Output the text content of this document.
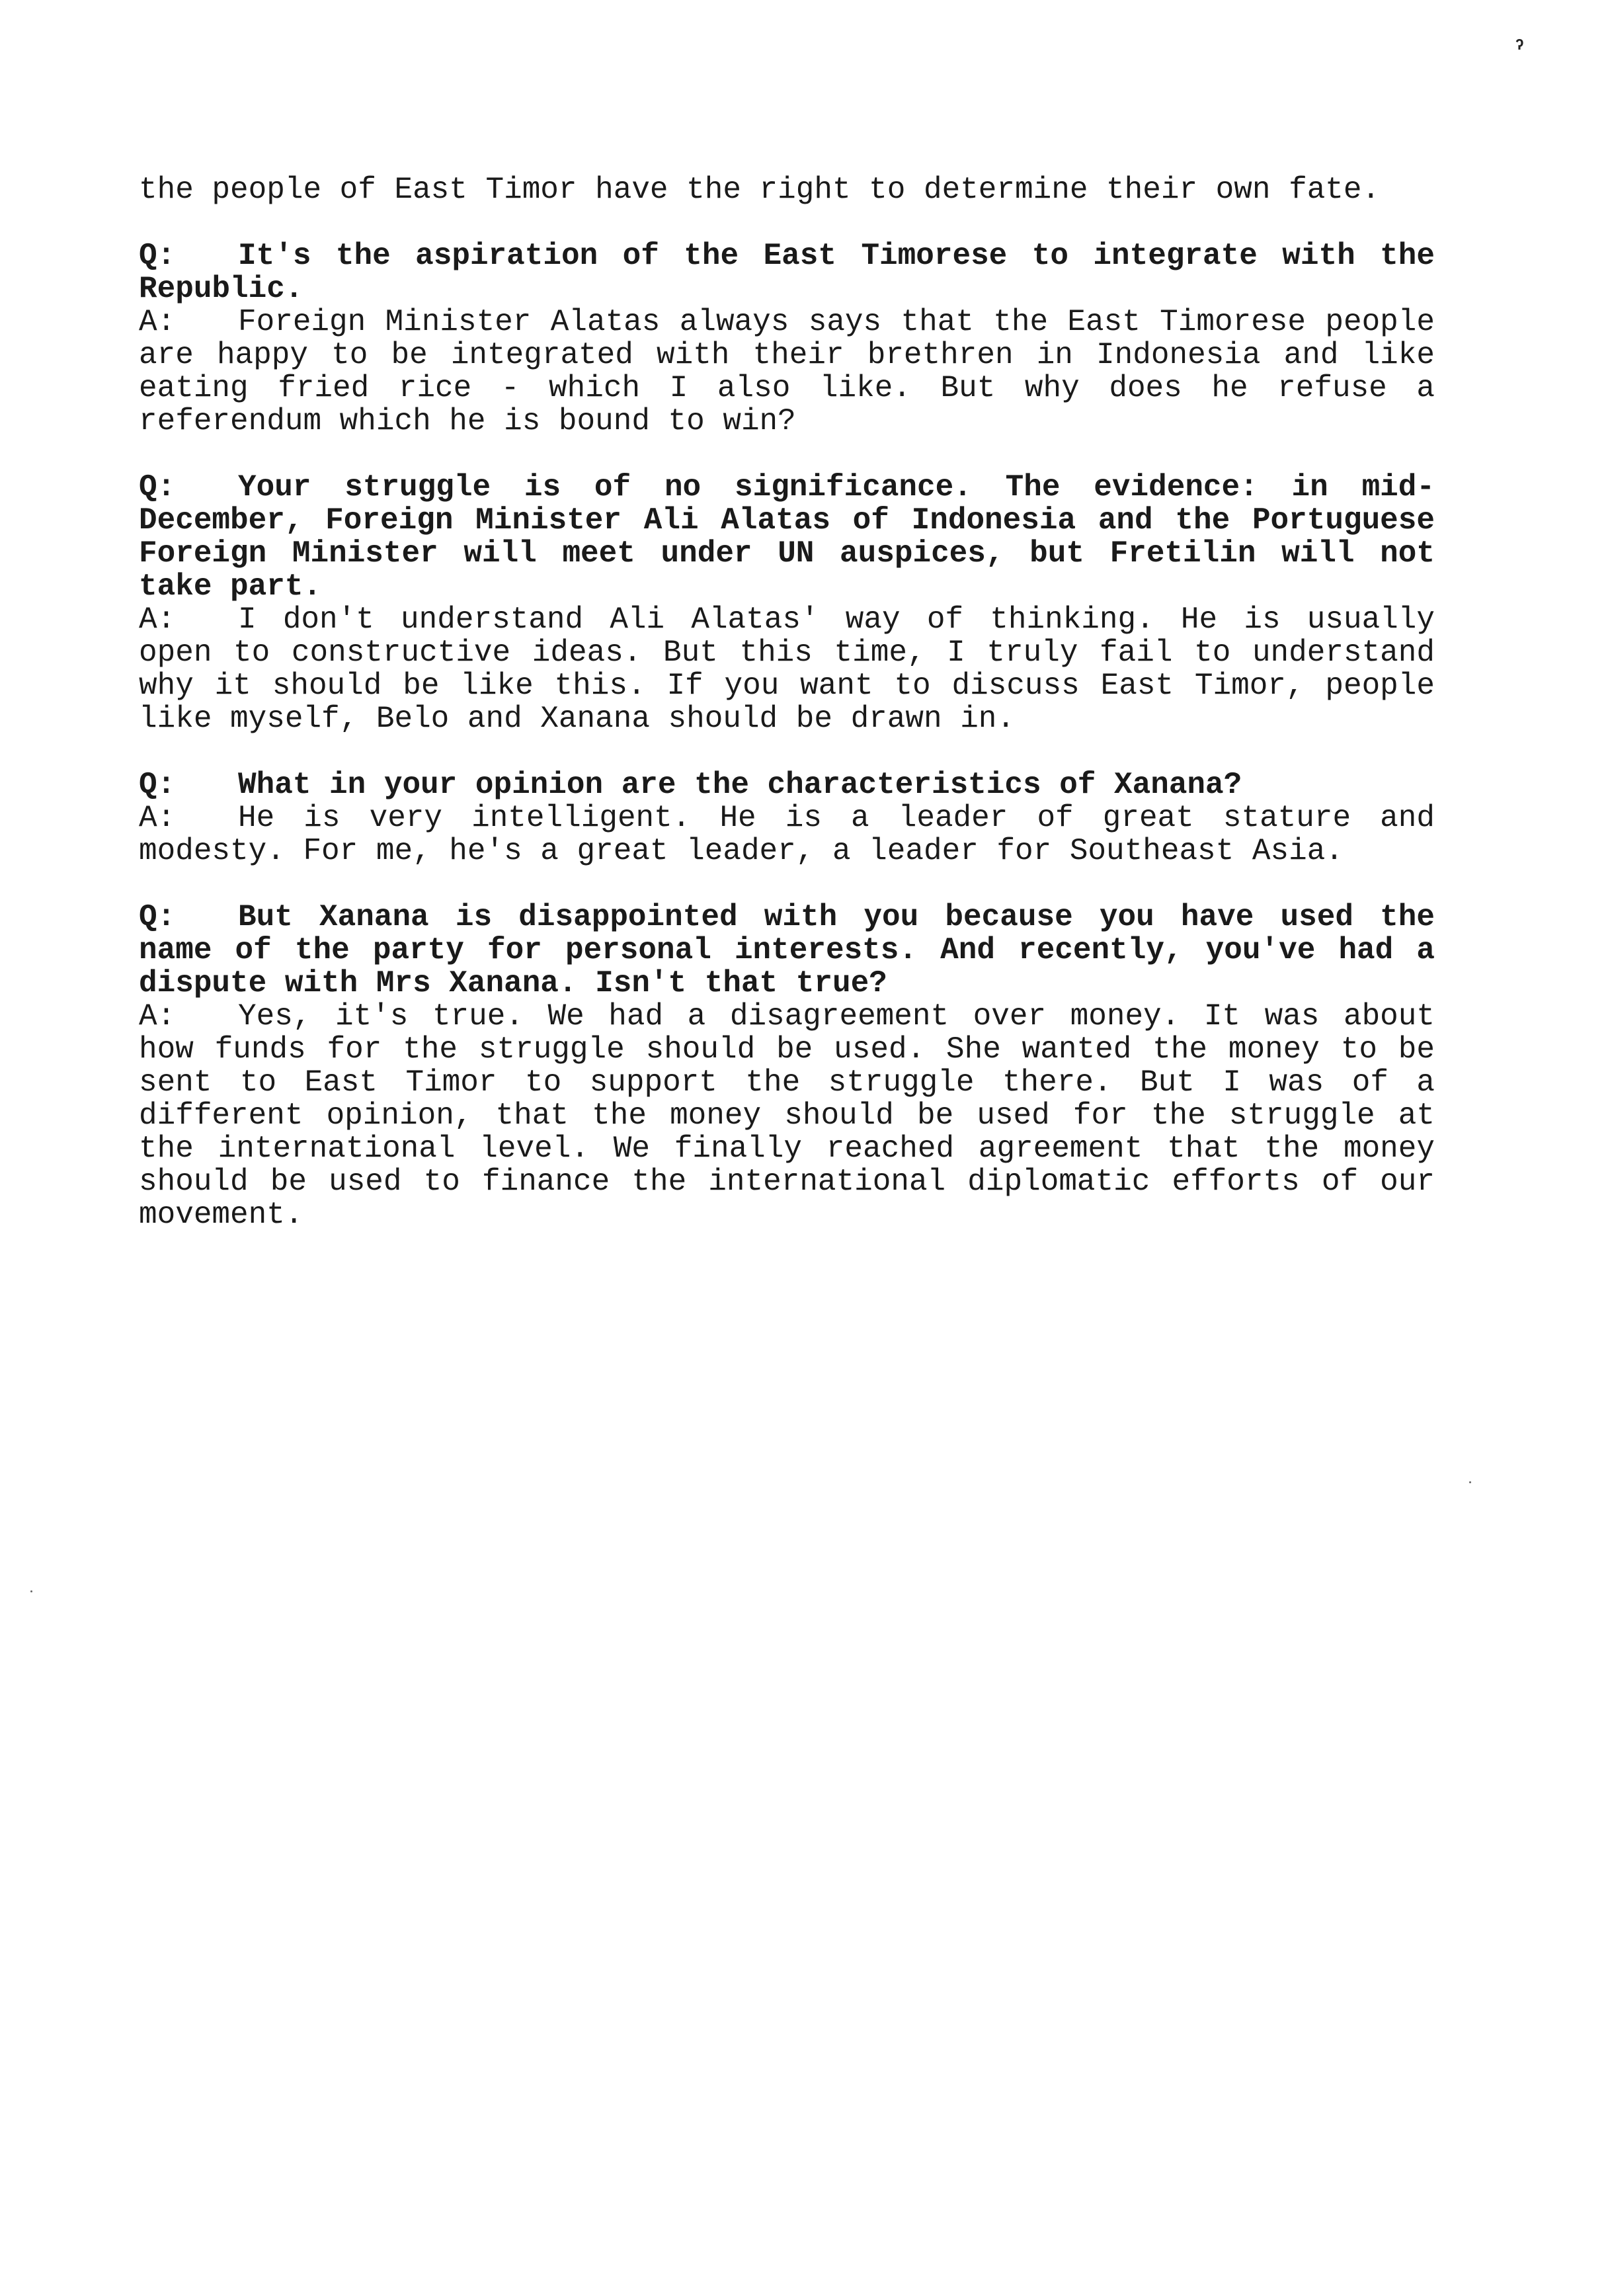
ˀ

the people of East Timor have the right to determine their own fate.

Q: It's the aspiration of the East Timorese to integrate with the Republic.

A: Foreign Minister Alatas always says that the East Timorese people are happy to be integrated with their brethren in Indonesia and like eating fried rice - which I also like. But why does he refuse a referendum which he is bound to win?

Q: Your struggle is of no significance. The evidence: in mid-December, Foreign Minister Ali Alatas of Indonesia and the Portuguese Foreign Minister will meet under UN auspices, but Fretilin will not take part.

A: I don't understand Ali Alatas' way of thinking. He is usually open to constructive ideas. But this time, I truly fail to understand why it should be like this. If you want to discuss East Timor, people like myself, Belo and Xanana should be drawn in.

Q: What in your opinion are the characteristics of Xanana?

A: He is very intelligent. He is a leader of great stature and modesty. For me, he's a great leader, a leader for Southeast Asia.

Q: But Xanana is disappointed with you because you have used the name of the party for personal interests. And recently, you've had a dispute with Mrs Xanana. Isn't that true?

A: Yes, it's true. We had a disagreement over money. It was about how funds for the struggle should be used. She wanted the money to be sent to East Timor to support the struggle there. But I was of a different opinion, that the money should be used for the struggle at the international level. We finally reached agreement that the money should be used to finance the international diplomatic efforts of our movement.
